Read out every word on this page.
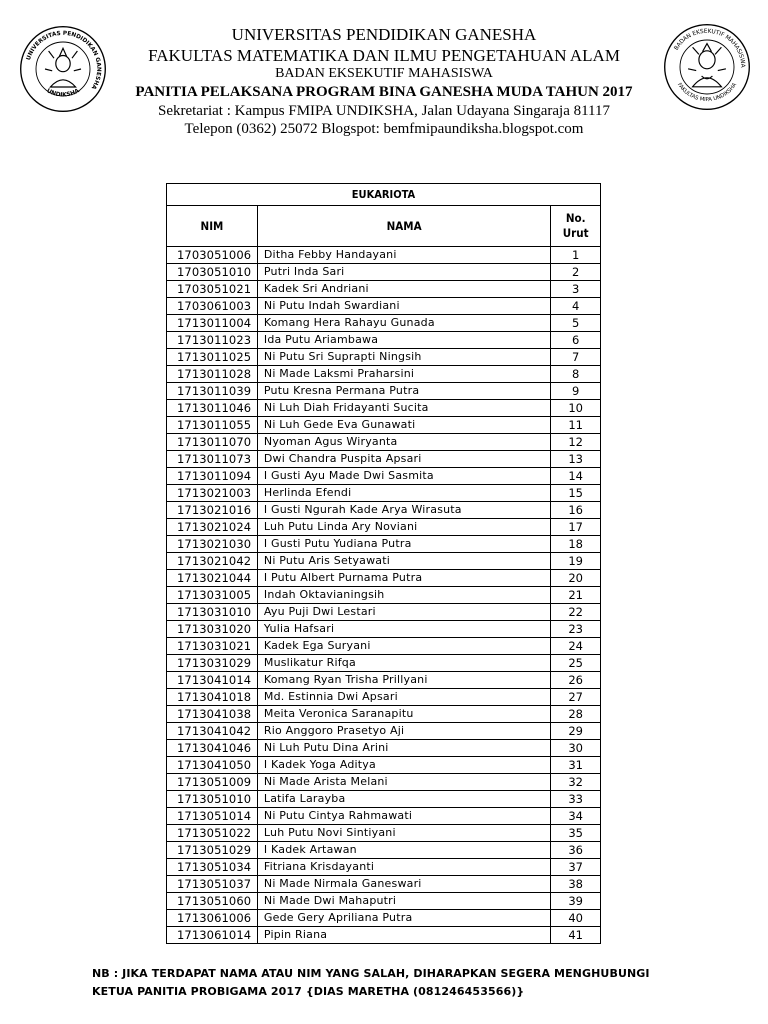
UNIVERSITAS PENDIDIKAN GANESHA
UNDIKSHA
UNIVERSITAS PENDIDIKAN GANESHA
FAKULTAS MATEMATIKA DAN ILMU PENGETAHUAN ALAM
BADAN EKSEKUTIF MAHASISWA
PANITIA PELAKSANA PROGRAM BINA GANESHA MUDA TAHUN 2017
Sekretariat : Kampus FMIPA UNDIKSHA, Jalan Udayana Singaraja 81117
Telepon (0362) 25072 Blogspot: bemfmipaundiksha.blogspot.com
BADAN EKSEKUTIF MAHASISWA
FAKULTAS MIPA UNDIKSHA
EUKARIOTA		
NIM	NAMA	No. Urut
1703051006	Ditha Febby Handayani	1
1703051010	Putri Inda Sari	2
1703051021	Kadek Sri Andriani	3
1703061003	Ni Putu Indah Swardiani	4
1713011004	Komang Hera Rahayu Gunada	5
1713011023	Ida Putu Ariambawa	6
1713011025	Ni Putu Sri Suprapti Ningsih	7
1713011028	Ni Made Laksmi Praharsini	8
1713011039	Putu Kresna Permana Putra	9
1713011046	Ni Luh Diah Fridayanti Sucita	10
1713011055	Ni Luh Gede Eva Gunawati	11
1713011070	Nyoman Agus Wiryanta	12
1713011073	Dwi Chandra Puspita Apsari	13
1713011094	I Gusti Ayu Made Dwi Sasmita	14
1713021003	Herlinda Efendi	15
1713021016	I Gusti Ngurah Kade Arya Wirasuta	16
1713021024	Luh Putu Linda Ary Noviani	17
1713021030	I Gusti Putu Yudiana Putra	18
1713021042	Ni Putu Aris Setyawati	19
1713021044	I Putu Albert Purnama Putra	20
1713031005	Indah Oktavianingsih	21
1713031010	Ayu Puji Dwi Lestari	22
1713031020	Yulia Hafsari	23
1713031021	Kadek Ega Suryani	24
1713031029	Muslikatur Rifqa	25
1713041014	Komang Ryan Trisha Prillyani	26
1713041018	Md. Estinnia Dwi Apsari	27
1713041038	Meita Veronica Saranapitu	28
1713041042	Rio Anggoro Prasetyo Aji	29
1713041046	Ni Luh Putu Dina Arini	30
1713041050	I Kadek Yoga Aditya	31
1713051009	Ni Made Arista Melani	32
1713051010	Latifa Larayba	33
1713051014	Ni Putu Cintya Rahmawati	34
1713051022	Luh Putu Novi Sintiyani	35
1713051029	I Kadek Artawan	36
1713051034	Fitriana Krisdayanti	37
1713051037	Ni Made Nirmala Ganeswari	38
1713051060	Ni Made Dwi Mahaputri	39
1713061006	Gede Gery Apriliana Putra	40
1713061014	Pipin Riana	41
NB : JIKA TERDAPAT NAMA ATAU NIM YANG SALAH, DIHARAPKAN SEGERA MENGHUBUNGI
KETUA PANITIA PROBIGAMA 2017 {DIAS MARETHA (081246453566)}
